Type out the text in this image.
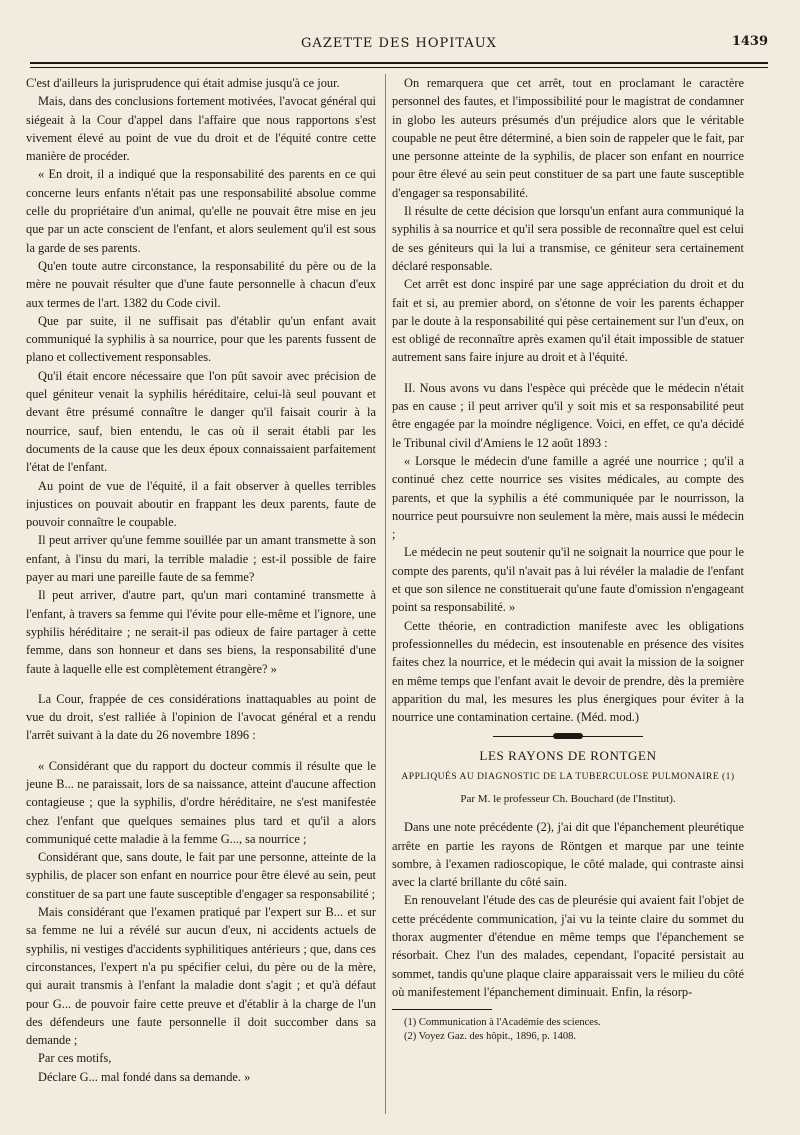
GAZETTE DES HOPITAUX	1439

C'est d'ailleurs la jurisprudence qui était admise jusqu'à ce jour.

Mais, dans des conclusions fortement motivées, l'avocat général qui siégeait à la Cour d'appel dans l'affaire que nous rapportons s'est vivement élevé au point de vue du droit et de l'équité contre cette manière de procéder.

« En droit, il a indiqué que la responsabilité des parents en ce qui concerne leurs enfants n'était pas une responsabilité absolue comme celle du propriétaire d'un animal, qu'elle ne pouvait être mise en jeu que par un acte conscient de l'enfant, et alors seulement qu'il est sous la garde de ses parents.

Qu'en toute autre circonstance, la responsabilité du père ou de la mère ne pouvait résulter que d'une faute personnelle à chacun d'eux aux termes de l'art. 1382 du Code civil.

Que par suite, il ne suffisait pas d'établir qu'un enfant avait communiqué la syphilis à sa nourrice, pour que les parents fussent de plano et collectivement responsables.

Qu'il était encore nécessaire que l'on pût savoir avec précision de quel géniteur venait la syphilis héréditaire, celui-là seul pouvant et devant être présumé connaître le danger qu'il faisait courir à la nourrice, sauf, bien entendu, le cas où il serait établi par les documents de la cause que les deux époux connaissaient parfaitement l'état de l'enfant.

Au point de vue de l'équité, il a fait observer à quelles terribles injustices on pouvait aboutir en frappant les deux parents, faute de pouvoir connaître le coupable.

Il peut arriver qu'une femme souillée par un amant transmette à son enfant, à l'insu du mari, la terrible maladie ; est-il possible de faire payer au mari une pareille faute de sa femme?

Il peut arriver, d'autre part, qu'un mari contaminé transmette à l'enfant, à travers sa femme qui l'évite pour elle-même et l'ignore, une syphilis héréditaire ; ne serait-il pas odieux de faire partager à cette femme, dans son honneur et dans ses biens, la responsabilité d'une faute à laquelle elle est complètement étrangère? »

La Cour, frappée de ces considérations inattaquables au point de vue du droit, s'est ralliée à l'opinion de l'avocat général et a rendu l'arrêt suivant à la date du 26 novembre 1896 :

« Considérant que du rapport du docteur commis il résulte que le jeune B... ne paraissait, lors de sa naissance, atteint d'aucune affection contagieuse ; que la syphilis, d'ordre héréditaire, ne s'est manifestée chez l'enfant que quelques semaines plus tard et qu'il a alors communiqué cette maladie à la femme G..., sa nourrice ;

Considérant que, sans doute, le fait par une personne, atteinte de la syphilis, de placer son enfant en nourrice pour être élevé au sein, peut constituer de sa part une faute susceptible d'engager sa responsabilité ;

Mais considérant que l'examen pratiqué par l'expert sur B... et sur sa femme ne lui a révélé sur aucun d'eux, ni accidents actuels de syphilis, ni vestiges d'accidents syphilitiques antérieurs ; que, dans ces circonstances, l'expert n'a pu spécifier celui, du père ou de la mère, qui aurait transmis à l'enfant la maladie dont s'agit ; et qu'à défaut pour G... de pouvoir faire cette preuve et d'établir à la charge de l'un des défendeurs une faute personnelle il doit succomber dans sa demande ;

Par ces motifs,

Déclare G... mal fondé dans sa demande. »

On remarquera que cet arrêt, tout en proclamant le caractère personnel des fautes, et l'impossibilité pour le magistrat de condamner in globo les auteurs présumés d'un préjudice alors que le véritable coupable ne peut être déterminé, a bien soin de rappeler que le fait, par une personne atteinte de la syphilis, de placer son enfant en nourrice pour être élevé au sein peut constituer de sa part une faute susceptible d'engager sa responsabilité.

Il résulte de cette décision que lorsqu'un enfant aura communiqué la syphilis à sa nourrice et qu'il sera possible de reconnaître quel est celui de ses géniteurs qui la lui a transmise, ce géniteur sera certainement déclaré responsable.

Cet arrêt est donc inspiré par une sage appréciation du droit et du fait et si, au premier abord, on s'étonne de voir les parents échapper par le doute à la responsabilité qui pèse certainement sur l'un d'eux, on est obligé de reconnaître après examen qu'il était impossible de statuer autrement sans faire injure au droit et à l'équité.

II. Nous avons vu dans l'espèce qui précède que le médecin n'était pas en cause ; il peut arriver qu'il y soit mis et sa responsabilité peut être engagée par la moindre négligence. Voici, en effet, ce qu'a décidé le Tribunal civil d'Amiens le 12 août 1893 :

« Lorsque le médecin d'une famille a agréé une nourrice ; qu'il a continué chez cette nourrice ses visites médicales, au compte des parents, et que la syphilis a été communiquée par le nourrisson, la nourrice peut poursuivre non seulement la mère, mais aussi le médecin ;

Le médecin ne peut soutenir qu'il ne soignait la nourrice que pour le compte des parents, qu'il n'avait pas à lui révéler la maladie de l'enfant et que son silence ne constituerait qu'une faute d'omission n'engageant point sa responsabilité. »

Cette théorie, en contradiction manifeste avec les obligations professionnelles du médecin, est insoutenable en présence des visites faites chez la nourrice, et le médecin qui avait la mission de la soigner en même temps que l'enfant avait le devoir de prendre, dès la première apparition du mal, les mesures les plus énergiques pour éviter à la nourrice une contamination certaine. (Méd. mod.)

LES RAYONS DE RONTGEN
APPLIQUÉS AU DIAGNOSTIC DE LA TUBERCULOSE PULMONAIRE (1)
Par M. le professeur Ch. Bouchard (de l'Institut).

Dans une note précédente (2), j'ai dit que l'épanchement pleurétique arrête en partie les rayons de Röntgen et marque par une teinte sombre, à l'examen radioscopique, le côté malade, qui contraste ainsi avec la clarté brillante du côté sain.

En renouvelant l'étude des cas de pleurésie qui avaient fait l'objet de cette précédente communication, j'ai vu la teinte claire du sommet du thorax augmenter d'étendue en même temps que l'épanchement se résorbait. Chez l'un des malades, cependant, l'opacité persistait au sommet, tandis qu'une plaque claire apparaissait vers le milieu du côté où manifestement l'épanchement diminuait. Enfin, la résorp-

(1) Communication à l'Académie des sciences.

(2) Voyez Gaz. des hôpit., 1896, p. 1408.
